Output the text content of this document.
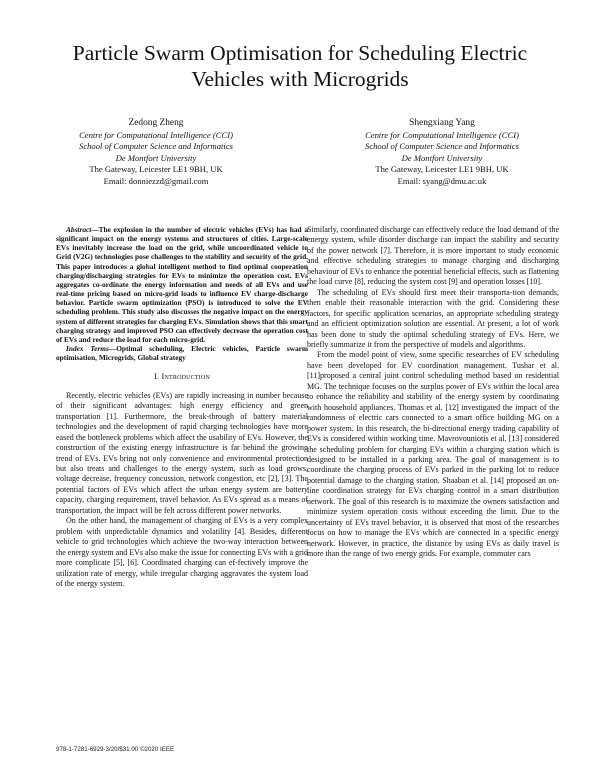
Particle Swarm Optimisation for Scheduling Electric Vehicles with Microgrids
Zedong Zheng
Centre for Computational Intelligence (CCI)
School of Computer Science and Informatics
De Montfort University
The Gateway, Leicester LE1 9BH, UK
Email: donniezzd@gmail.com
Shengxiang Yang
Centre for Computational Intelligence (CCI)
School of Computer Science and Informatics
De Montfort University
The Gateway, Leicester LE1 9BH, UK
Email: syang@dmu.ac.uk

Abstract—The explosion in the number of electric vehicles (EVs) has had a significant impact on the energy systems and structures of cities. Large-scale EVs inevitably increase the load on the grid, while uncoordinated vehicle to Grid (V2G) technologies pose challenges to the stability and security of the grid. This paper introduces a global intelligent method to find optimal cooperation charging/discharging strategies for EVs to minimize the operation cost. EVs aggregates co-ordinate the energy information and needs of all EVs and use real-time pricing based on micro-grid loads to influence EV charge-discharge behavior. Particle swarm optimization (PSO) is introduced to solve the EV scheduling problem. This study also discusses the negative impact on the energy system of different strategies for charging EVs. Simulation shows that this smart charging strategy and improved PSO can effectively decrease the operation cost of EVs and reduce the load for each micro-grid.

Index Terms—Optimal scheduling, Electric vehicles, Particle swarm optimisation, Microgrids, Global strategy

I. Introduction

Recently, electric vehicles (EVs) are rapidly increasing in number because of their significant advantages: high energy efficiency and green transportation [1]. Furthermore, the break-through of battery material technologies and the development of rapid charging technologies have more eased the bottleneck problems which affect the usability of EVs. However, the construction of the existing energy infrastructure is far behind the growing trend of EVs. EVs bring not only convenience and environmental protection but also treats and challenges to the energy system, such as load grows, voltage decrease, frequency concussion, network congestion, etc [2], [3]. The potential factors of EVs which affect the urban energy system are battery capacity, charging requirement, travel behavior. As EVs spread as a means of transportation, the impact will be felt across different power networks.

On the other hand, the management of charging of EVs is a very complex problem with unpredictable dynamics and volatility [4]. Besides, different vehicle to grid technologies which achieve the two-way interaction between the energy system and EVs also make the issue for connecting EVs with a grid more complicate [5], [6]. Coordinated charging can ef-fectively improve the utilization rate of energy, while irregular charging aggravates the system load of the energy system.

Similarly, coordinated discharge can effectively reduce the load demand of the energy system, while disorder discharge can impact the stability and security of the power network [7]. Therefore, it is more important to study economic and effective scheduling strategies to manage charging and discharging behaviour of EVs to enhance the potential beneficial effects, such as flattening the load curve [8], reducing the system cost [9] and operation losses [10].

The scheduling of EVs should first meet their transporta-tion demands, then enable their reasonable interaction with the grid. Considering these factors, for specific application scenarios, an appropriate scheduling strategy and an efficient optimization solution are essential. At present, a lot of work has been done to study the optimal scheduling strategy of EVs. Here, we briefly summarize it from the perspective of models and algorithms.

From the model point of view, some specific researches of EV scheduling have been developed for EV coordination management. Tushar et al. [11]proposed a central joint control scheduling method based on residential MG. The technique focuses on the surplus power of EVs within the local area to enhance the reliability and stability of the energy system by coordinating with household appliances. Thomas et al. [12] investigated the impact of the randomness of electric cars connected to a smart office building MG on a power system. In this research, the bi-directional energy trading capability of EVs is considered within working time. Mavrovouniotis et al. [13] considered the scheduling problem for charging EVs within a charging station which is designed to be installed in a parking area. The goal of management is to coordinate the charging process of EVs parked in the parking lot to reduce potential damage to the charging station. Shaaban et al. [14] proposed an on-line coordination strategy for EVs charging control in a smart distribution network. The goal of this research is to maximize the owners satisfaction and minimize system operation costs without exceeding the limit. Due to the uncertainty of EVs travel behavior, it is observed that most of the researches focus on how to manage the EVs which are connected in a specific energy network. However, in practice, the distance by using EVs as daily travel is more than the range of two energy grids. For example, commuter cars

978-1-7281-6929-3/20/$31.00 ©2020 IEEE
